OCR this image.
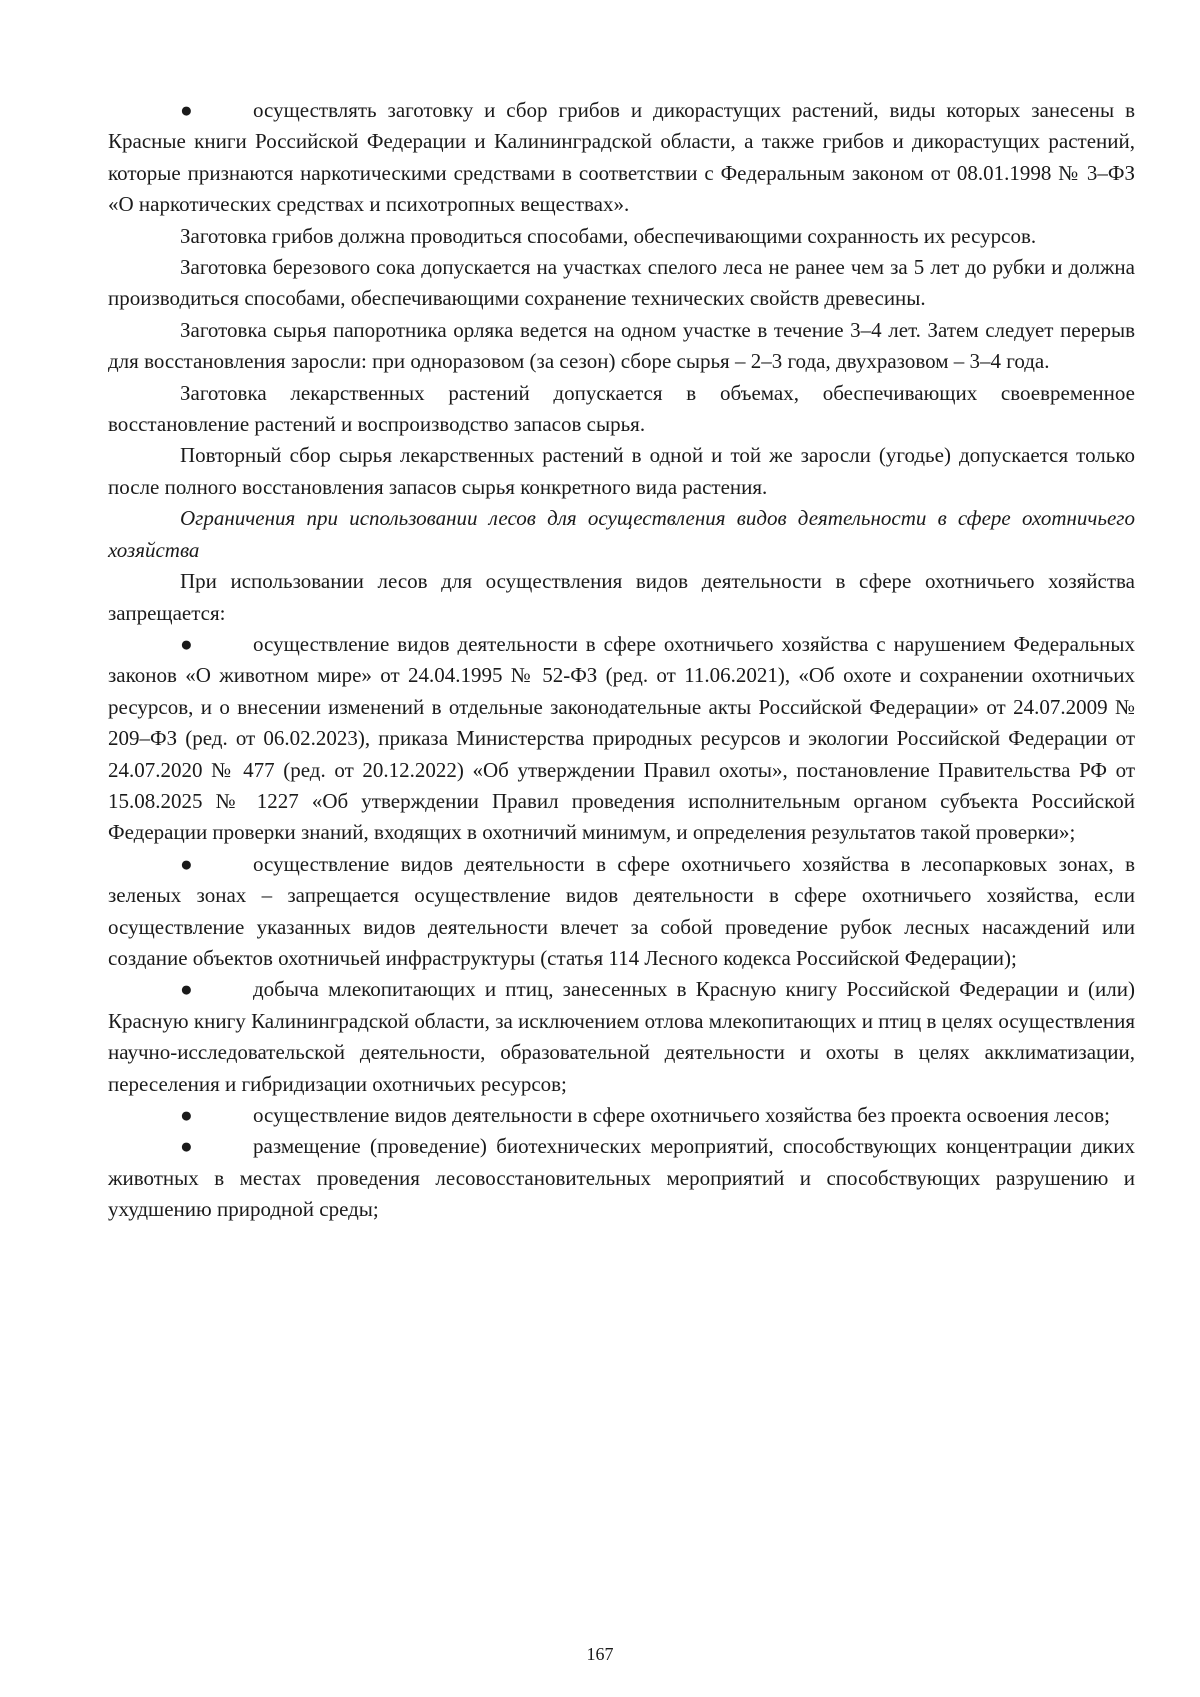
●	осуществлять заготовку и сбор грибов и дикорастущих растений, виды которых занесены в Красные книги Российской Федерации и Калининградской области, а также грибов и дикорастущих растений, которые признаются наркотическими средствами в соответствии с Федеральным законом от 08.01.1998 № 3–ФЗ «О наркотических средствах и психотропных веществах».

Заготовка грибов должна проводиться способами, обеспечивающими сохранность их ресурсов.

Заготовка березового сока допускается на участках спелого леса не ранее чем за 5 лет до рубки и должна производиться способами, обеспечивающими сохранение технических свойств древесины.

Заготовка сырья папоротника орляка ведется на одном участке в течение 3–4 лет. Затем следует перерыв для восстановления заросли: при одноразовом (за сезон) сборе сырья – 2–3 года, двухразовом – 3–4 года.

Заготовка лекарственных растений допускается в объемах, обеспечивающих своевременное восстановление растений и воспроизводство запасов сырья.

Повторный сбор сырья лекарственных растений в одной и той же заросли (угодье) допускается только после полного восстановления запасов сырья конкретного вида растения.

Ограничения при использовании лесов для осуществления видов деятельности в сфере охотничьего хозяйства

При использовании лесов для осуществления видов деятельности в сфере охотничьего хозяйства запрещается:

●	осуществление видов деятельности в сфере охотничьего хозяйства с нарушением Федеральных законов «О животном мире» от 24.04.1995 № 52-ФЗ (ред. от 11.06.2021), «Об охоте и сохранении охотничьих ресурсов, и о внесении изменений в отдельные законодательные акты Российской Федерации» от 24.07.2009 № 209–ФЗ (ред. от 06.02.2023), приказа Министерства природных ресурсов и экологии Российской Федерации от 24.07.2020 № 477 (ред. от 20.12.2022) «Об утверждении Правил охоты», постановление Правительства РФ от 15.08.2025 № 1227 «Об утверждении Правил проведения исполнительным органом субъекта Российской Федерации проверки знаний, входящих в охотничий минимум, и определения результатов такой проверки»;

●	осуществление видов деятельности в сфере охотничьего хозяйства в лесопарковых зонах, в зеленых зонах – запрещается осуществление видов деятельности в сфере охотничьего хозяйства, если осуществление указанных видов деятельности влечет за собой проведение рубок лесных насаждений или создание объектов охотничьей инфраструктуры (статья 114 Лесного кодекса Российской Федерации);

●	добыча млекопитающих и птиц, занесенных в Красную книгу Российской Федерации и (или) Красную книгу Калининградской области, за исключением отлова млекопитающих и птиц в целях осуществления научно-исследовательской деятельности, образовательной деятельности и охоты в целях акклиматизации, переселения и гибридизации охотничьих ресурсов;

●	осуществление видов деятельности в сфере охотничьего хозяйства без проекта освоения лесов;

●	размещение (проведение) биотехнических мероприятий, способствующих концентрации диких животных в местах проведения лесовосстановительных мероприятий и способствующих разрушению и ухудшению природной среды;

167
